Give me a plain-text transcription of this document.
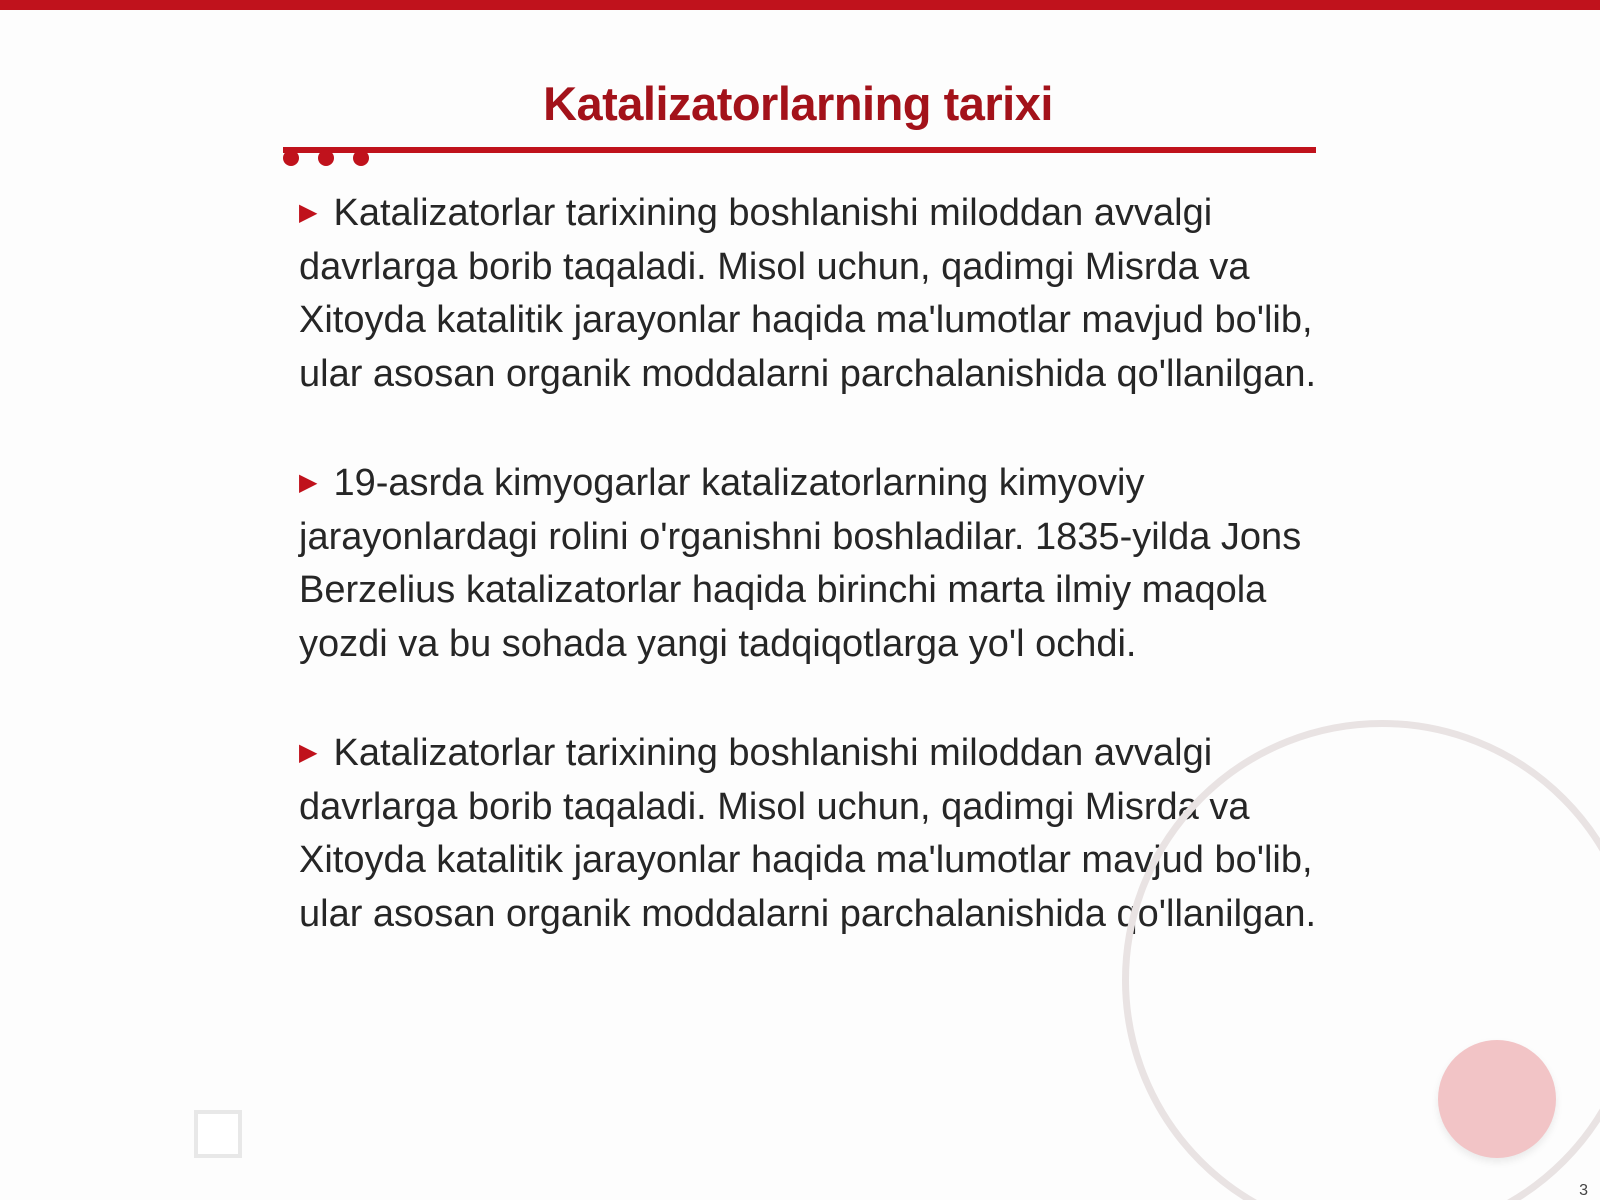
Katalizatorlarning tarixi

▶ Katalizatorlar tarixining boshlanishi miloddan avvalgi davrlarga borib taqaladi. Misol uchun, qadimgi Misrda va Xitoyda katalitik jarayonlar haqida ma'lumotlar mavjud bo'lib, ular asosan organik moddalarni parchalanishida qo'llanilgan.

▶ 19-asrda kimyogarlar katalizatorlarning kimyoviy jarayonlardagi rolini o'rganishni boshladilar. 1835-yilda Jons Berzelius katalizatorlar haqida birinchi marta ilmiy maqola yozdi va bu sohada yangi tadqiqotlarga yo'l ochdi.

▶ Katalizatorlar tarixining boshlanishi miloddan avvalgi davrlarga borib taqaladi. Misol uchun, qadimgi Misrda va Xitoyda katalitik jarayonlar haqida ma'lumotlar mavjud bo'lib, ular asosan organik moddalarni parchalanishida qo'llanilgan.

3
